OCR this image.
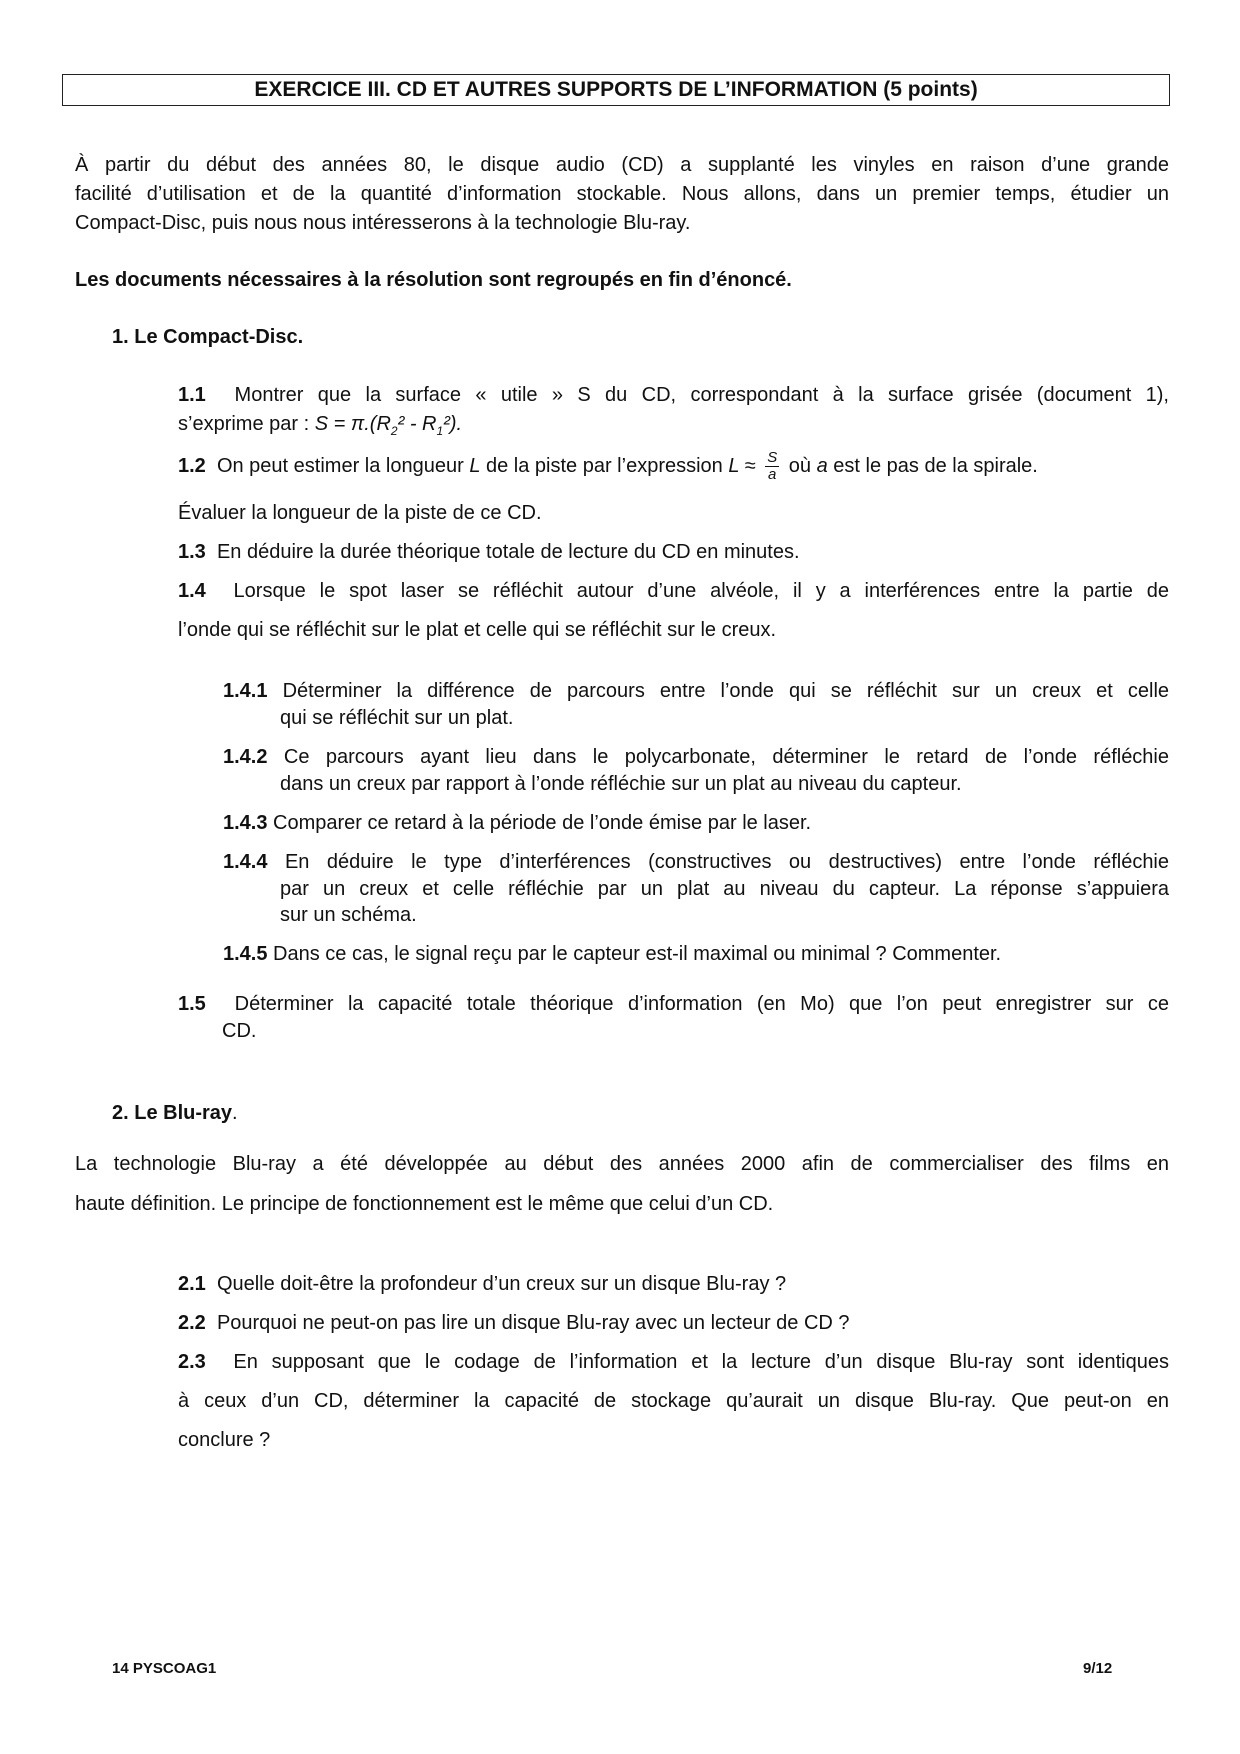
EXERCICE III. CD ET AUTRES SUPPORTS DE L’INFORMATION (5 points)
À partir du début des années 80, le disque audio (CD) a supplanté les vinyles en raison d’une grande
facilité d’utilisation et de la quantité d’information stockable. Nous allons, dans un premier temps, étudier un
Compact-Disc, puis nous nous intéresserons à la technologie Blu-ray.
Les documents nécessaires à la résolution sont regroupés en fin d’énoncé.
1. Le Compact-Disc.
1.1 Montrer que la surface « utile » S du CD, correspondant à la surface grisée (document 1),
s’exprime par : $S = \pi.(R_2^2 - R_1^2)$.
1.2 On peut estimer la longueur L de la piste par l’expression $L \approx \frac{S}{a}$ où a est le pas de la spirale.
Évaluer la longueur de la piste de ce CD.
1.3 En déduire la durée théorique totale de lecture du CD en minutes.
1.4 Lorsque le spot laser se réfléchit autour d’une alvéole, il y a interférences entre la partie de
l’onde qui se réfléchit sur le plat et celle qui se réfléchit sur le creux.
1.4.1 Déterminer la différence de parcours entre l’onde qui se réfléchit sur un creux et celle
qui se réfléchit sur un plat.
1.4.2 Ce parcours ayant lieu dans le polycarbonate, déterminer le retard de l’onde réfléchie
dans un creux par rapport à l’onde réfléchie sur un plat au niveau du capteur.
1.4.3 Comparer ce retard à la période de l’onde émise par le laser.
1.4.4 En déduire le type d’interférences (constructives ou destructives) entre l’onde réfléchie
par un creux et celle réfléchie par un plat au niveau du capteur. La réponse s’appuiera
sur un schéma.
1.4.5 Dans ce cas, le signal reçu par le capteur est-il maximal ou minimal ? Commenter.
1.5 Déterminer la capacité totale théorique d’information (en Mo) que l’on peut enregistrer sur ce
CD.
2. Le Blu-ray.
La technologie Blu-ray a été développée au début des années 2000 afin de commercialiser des films en
haute définition. Le principe de fonctionnement est le même que celui d’un CD.
2.1 Quelle doit-être la profondeur d’un creux sur un disque Blu-ray ?
2.2 Pourquoi ne peut-on pas lire un disque Blu-ray avec un lecteur de CD ?
2.3 En supposant que le codage de l’information et la lecture d’un disque Blu-ray sont identiques
à ceux d’un CD, déterminer la capacité de stockage qu’aurait un disque Blu-ray. Que peut-on en
conclure ?
14 PYSCOAG1	9/12
